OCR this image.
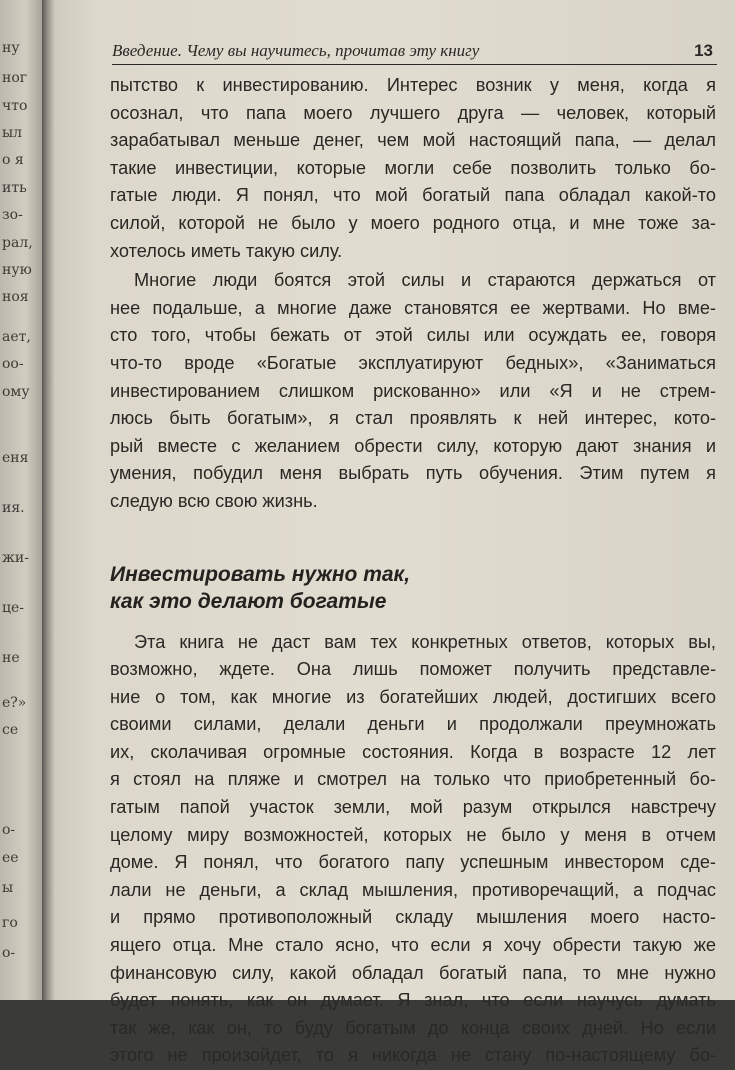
ну
ног
что
ыл
о я
ить
зо-
рал,
ную
ноя
ает,
оо-
ому
еня
ия.
жи-
це-
не
е?»
се
о-
ее
ы
го
о-
Введение. Чему вы научитесь, прочитав эту книгу	13
пытство к инвестированию. Интерес возник у меня, когда я
осознал, что папа моего лучшего друга — человек, который
зарабатывал меньше денег, чем мой настоящий папа, — делал
такие инвестиции, которые могли себе позволить только бо-
гатые люди. Я понял, что мой богатый папа обладал какой-то
силой, которой не было у моего родного отца, и мне тоже за-
хотелось иметь такую силу.
Многие люди боятся этой силы и стараются держаться от
нее подальше, а многие даже становятся ее жертвами. Но вме-
сто того, чтобы бежать от этой силы или осуждать ее, говоря
что-то вроде «Богатые эксплуатируют бедных», «Заниматься
инвестированием слишком рискованно» или «Я и не стрем-
люсь быть богатым», я стал проявлять к ней интерес, кото-
рый вместе с желанием обрести силу, которую дают знания и
умения, побудил меня выбрать путь обучения. Этим путем я
следую всю свою жизнь.
Инвестировать нужно так,
как это делают богатые
Эта книга не даст вам тех конкретных ответов, которых вы,
возможно, ждете. Она лишь поможет получить представле-
ние о том, как многие из богатейших людей, достигших всего
своими силами, делали деньги и продолжали преумножать
их, сколачивая огромные состояния. Когда в возрасте 12 лет
я стоял на пляже и смотрел на только что приобретенный бо-
гатым папой участок земли, мой разум открылся навстречу
целому миру возможностей, которых не было у меня в отчем
доме. Я понял, что богатого папу успешным инвестором сде-
лали не деньги, а склад мышления, противоречащий, а подчас
и прямо противоположный складу мышления моего насто-
ящего отца. Мне стало ясно, что если я хочу обрести такую же
финансовую силу, какой обладал богатый папа, то мне нужно
будет понять, как он думает. Я знал, что если научусь думать
так же, как он, то буду богатым до конца своих дней. Но если
этого не произойдет, то я никогда не стану по-настоящему бо-
